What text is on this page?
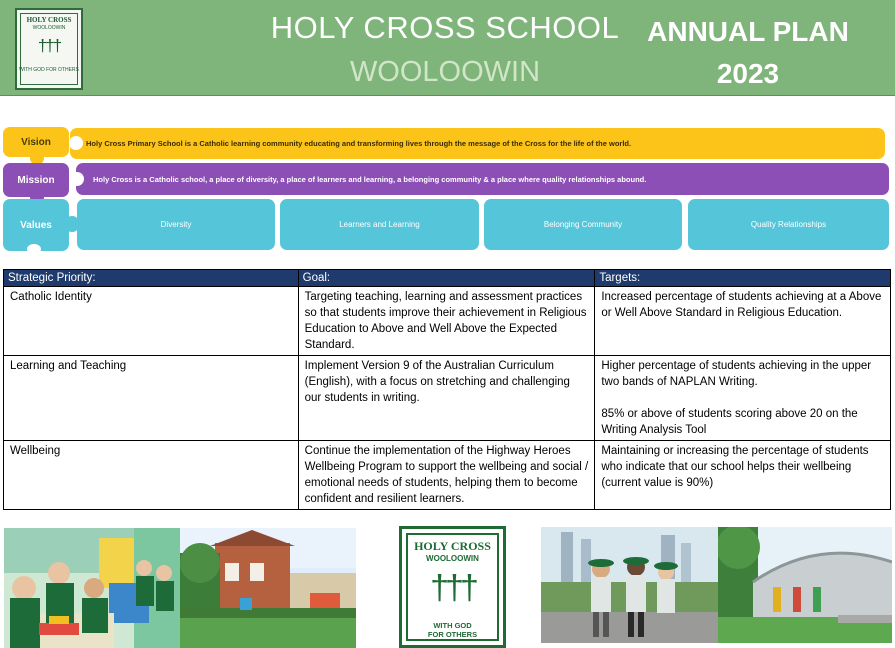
HOLY CROSS
WOOLOOWIN
†††
WITH GOD FOR OTHERS
HOLY CROSS SCHOOL
WOOLOOWIN
ANNUAL PLAN
2023
Holy Cross Primary School is a Catholic learning community educating and transforming lives through the message of the Cross for the life of the world.
Vision
Holy Cross is a Catholic school, a place of diversity, a place of learners and learning, a belonging community & a place where quality relationships abound.
Mission
Values	Diversity	Learners and Learning	Belonging Community	Quality Relationships
Strategic Priority:	Goal:	Targets:
Catholic Identity	Targeting teaching, learning and assessment practices so that students improve their achievement in Religious Education to Above and Well Above the Expected Standard.	Increased percentage of students achieving at a Above or Well Above Standard in Religious Education.

Learning and Teaching	Implement Version 9 of the Australian Curriculum (English), with a focus on stretching and challenging our students in writing.	Higher percentage of students achieving in the upper two bands of NAPLAN Writing.
85% or above of students scoring above 20 on the Writing Analysis Tool

Wellbeing	Continue the implementation of the Highway Heroes Wellbeing Program to support the wellbeing and social / emotional needs of students, helping them to become confident and resilient learners.	Maintaining or increasing the percentage of students who indicate that our school helps their wellbeing (current value is 90%)
HOLY CROSS
WOOLOOWIN
†††
WITH GOD
FOR OTHERS
